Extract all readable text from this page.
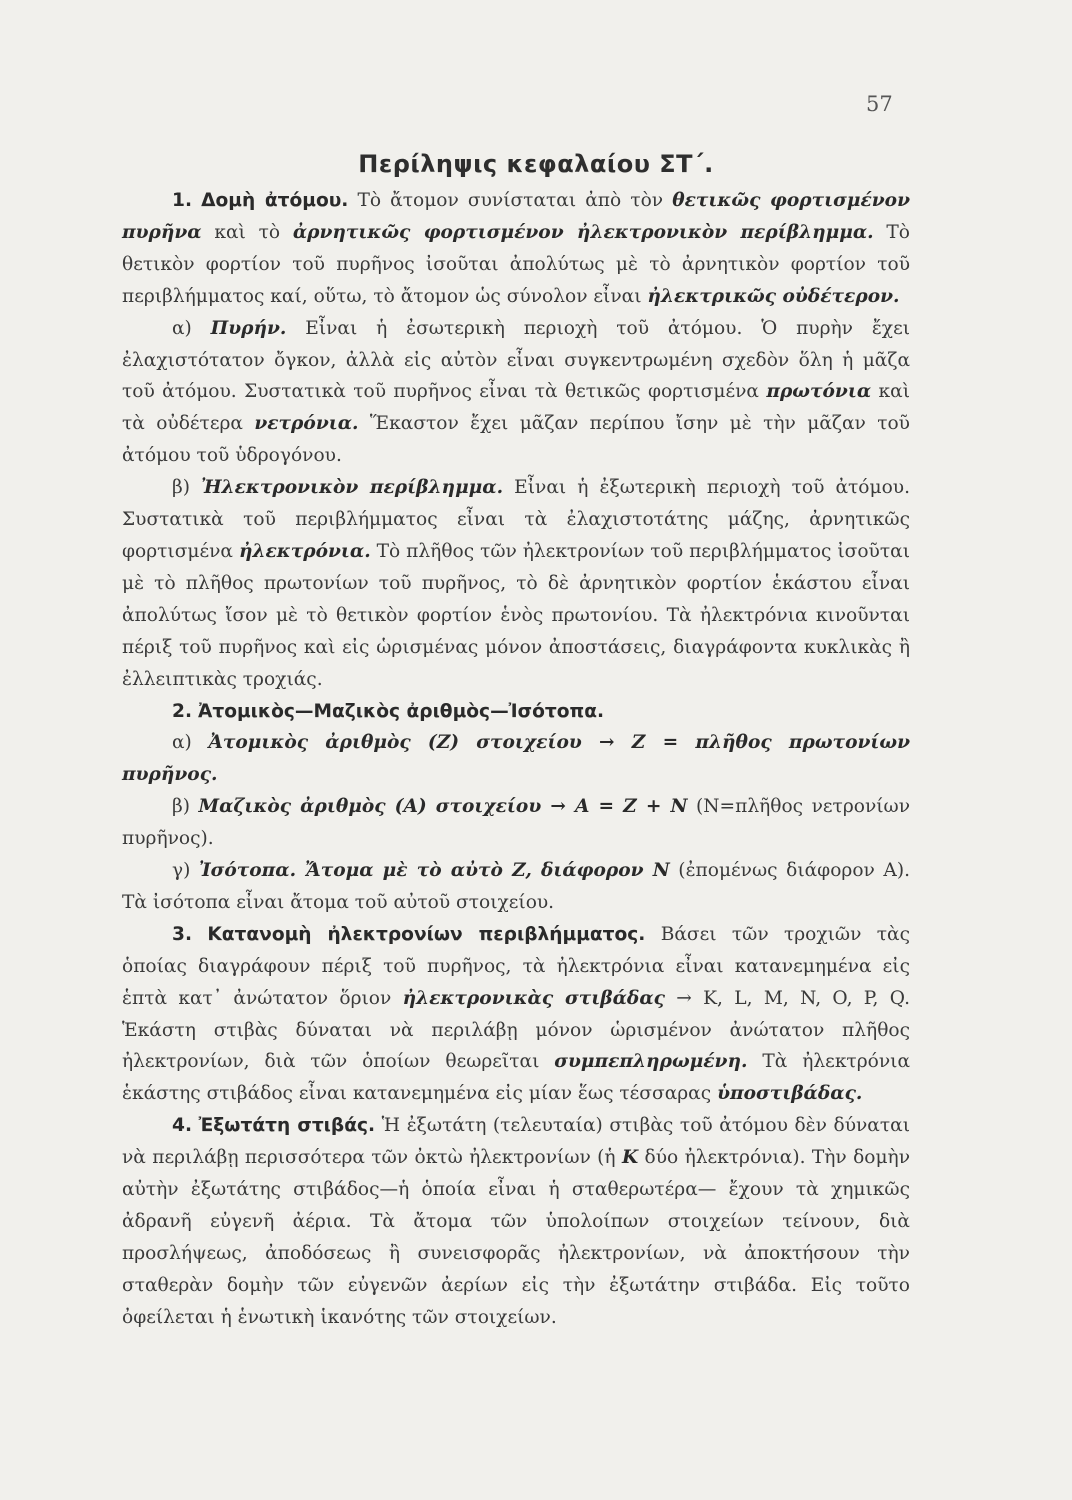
57
Περίληψις κεφαλαίου ΣΤ΄.

1. Δομὴ ἀτόμου. Τὸ ἄτομον συνίσταται ἀπὸ τὸν θετικῶς φορτισμένον πυρῆνα καὶ τὸ ἀρνητικῶς φορτισμένον ἠλεκτρονικὸν περίβλημμα. Τὸ θετικὸν φορτίον τοῦ πυρῆνος ἰσοῦται ἀπολύτως μὲ τὸ ἀρνητικὸν φορτίον τοῦ περιβλήμματος καί, οὕτω, τὸ ἄτομον ὡς σύνολον εἶναι ἠλεκτρικῶς οὐδέτερον.

α) Πυρήν. Εἶναι ἡ ἐσωτερικὴ περιοχὴ τοῦ ἀτόμου. Ὁ πυρὴν ἔχει ἐλαχιστότατον ὄγκον, ἀλλὰ εἰς αὐτὸν εἶναι συγκεντρωμένη σχεδὸν ὅλη ἡ μᾶζα τοῦ ἀτόμου. Συστατικὰ τοῦ πυρῆνος εἶναι τὰ θετικῶς φορτισμένα πρωτόνια καὶ τὰ οὐδέτερα νετρόνια. Ἕκαστον ἔχει μᾶζαν περίπου ἴσην μὲ τὴν μᾶζαν τοῦ ἀτόμου τοῦ ὑδρογόνου.

β) Ἠλεκτρονικὸν περίβλημμα. Εἶναι ἡ ἐξωτερικὴ περιοχὴ τοῦ ἀτόμου. Συστατικὰ τοῦ περιβλήμματος εἶναι τὰ ἐλαχιστοτάτης μάζης, ἀρνητικῶς φορτισμένα ἠλεκτρόνια. Τὸ πλῆθος τῶν ἠλεκτρονίων τοῦ περιβλήμματος ἰσοῦται μὲ τὸ πλῆθος πρωτονίων τοῦ πυρῆνος, τὸ δὲ ἀρνητικὸν φορτίον ἑκάστου εἶναι ἀπολύτως ἴσον μὲ τὸ θετικὸν φορτίον ἑνὸς πρωτονίου. Τὰ ἠλεκτρόνια κινοῦνται πέριξ τοῦ πυρῆνος καὶ εἰς ὡρισμένας μόνον ἀποστάσεις, διαγράφοντα κυκλικὰς ἢ ἐλλειπτικὰς τροχιάς.

2. Ἀτομικὸς—Μαζικὸς ἀριθμὸς—Ἰσότοπα.

α) Ἀτομικὸς ἀριθμὸς (Z) στοιχείου → Z = πλῆθος πρωτονίων πυρῆνος.

β) Μαζικὸς ἀριθμὸς (A) στοιχείου → A = Z + N (N=πλῆθος νετρονίων πυρῆνος).

γ) Ἰσότοπα. Ἄτομα μὲ τὸ αὐτὸ Z, διάφορον N (ἐπομένως διάφορον A). Τὰ ἰσότοπα εἶναι ἄτομα τοῦ αὐτοῦ στοιχείου.

3. Κατανομὴ ἠλεκτρονίων περιβλήμματος. Βάσει τῶν τροχιῶν τὰς ὁποίας διαγράφουν πέριξ τοῦ πυρῆνος, τὰ ἠλεκτρόνια εἶναι κατανεμημένα εἰς ἑπτὰ κατ᾽ ἀνώτατον ὅριον ἠλεκτρονικὰς στιβάδας → K, L, M, N, O, P, Q. Ἑκάστη στιβὰς δύναται νὰ περιλάβῃ μόνον ὡρισμένον ἀνώτατον πλῆθος ἠλεκτρονίων, διὰ τῶν ὁποίων θεωρεῖται συμπεπληρωμένη. Τὰ ἠλεκτρόνια ἑκάστης στιβάδος εἶναι κατανεμημένα εἰς μίαν ἕως τέσσαρας ὑποστιβάδας.

4. Ἐξωτάτη στιβάς. Ἡ ἐξωτάτη (τελευταία) στιβὰς τοῦ ἀτόμου δὲν δύναται νὰ περιλάβῃ περισσότερα τῶν ὀκτὼ ἠλεκτρονίων (ἡ K δύο ἠλεκτρόνια). Τὴν δομὴν αὐτὴν ἐξωτάτης στιβάδος—ἡ ὁποία εἶναι ἡ σταθερωτέρα— ἔχουν τὰ χημικῶς ἀδρανῆ εὐγενῆ ἀέρια. Τὰ ἄτομα τῶν ὑπολοίπων στοιχείων τείνουν, διὰ προσλήψεως, ἀποδόσεως ἢ συνεισφορᾶς ἠλεκτρονίων, νὰ ἀποκτήσουν τὴν σταθερὰν δομὴν τῶν εὐγενῶν ἀερίων εἰς τὴν ἐξωτάτην στιβάδα. Εἰς τοῦτο ὀφείλεται ἡ ἑνωτικὴ ἱκανότης τῶν στοιχείων.
